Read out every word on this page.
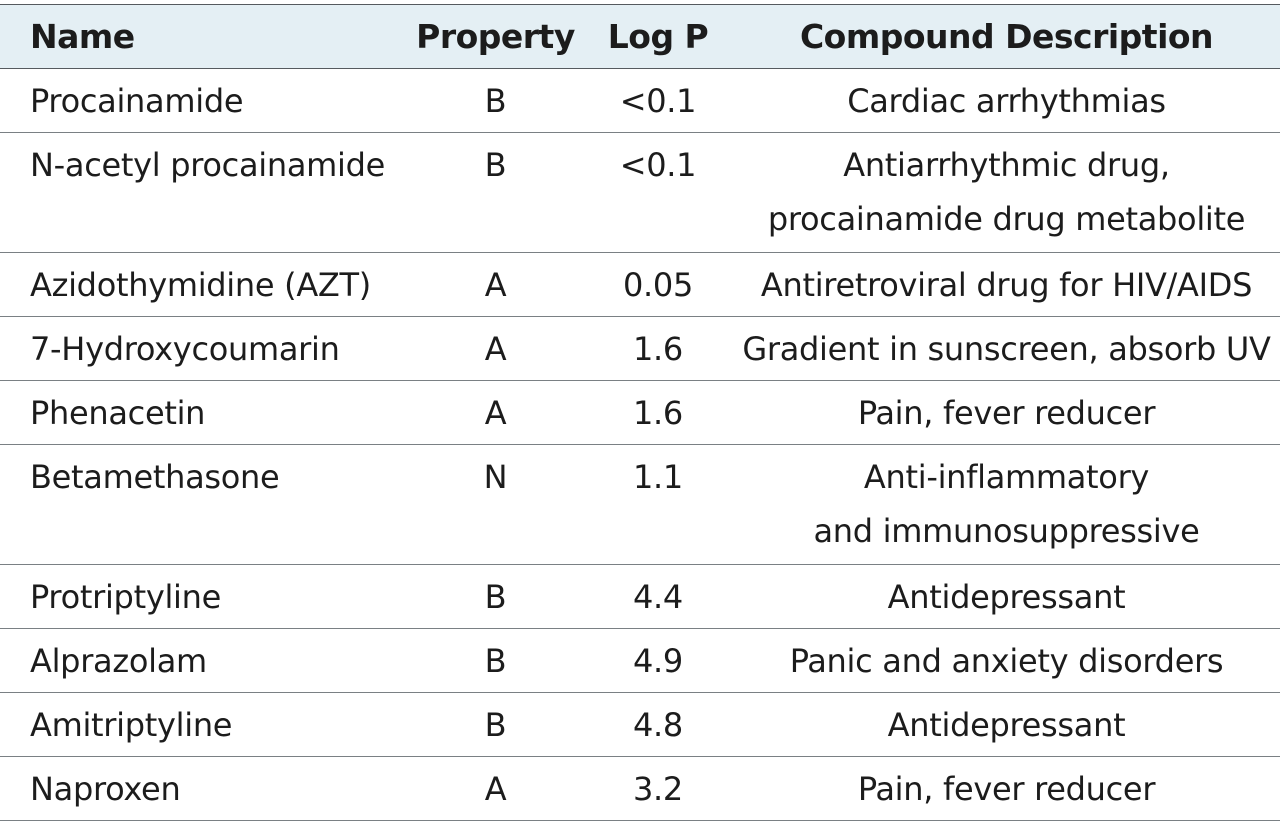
Name	Property	Log P	Compound Description
Procainamide	B	<0.1	Cardiac arrhythmias

N-acetyl procainamide	B	<0.1	Antiarrhythmic drug,
procainamide drug metabolite

Azidothymidine (AZT)	A	0.05	Antiretroviral drug for HIV/AIDS

7-Hydroxycoumarin	A	1.6	Gradient in sunscreen, absorb UV

Phenacetin	A	1.6	Pain, fever reducer

Betamethasone	N	1.1	Anti-inflammatory
and immunosuppressive

Protriptyline	B	4.4	Antidepressant

Alprazolam	B	4.9	Panic and anxiety disorders

Amitriptyline	B	4.8	Antidepressant

Naproxen	A	3.2	Pain, fever reducer
